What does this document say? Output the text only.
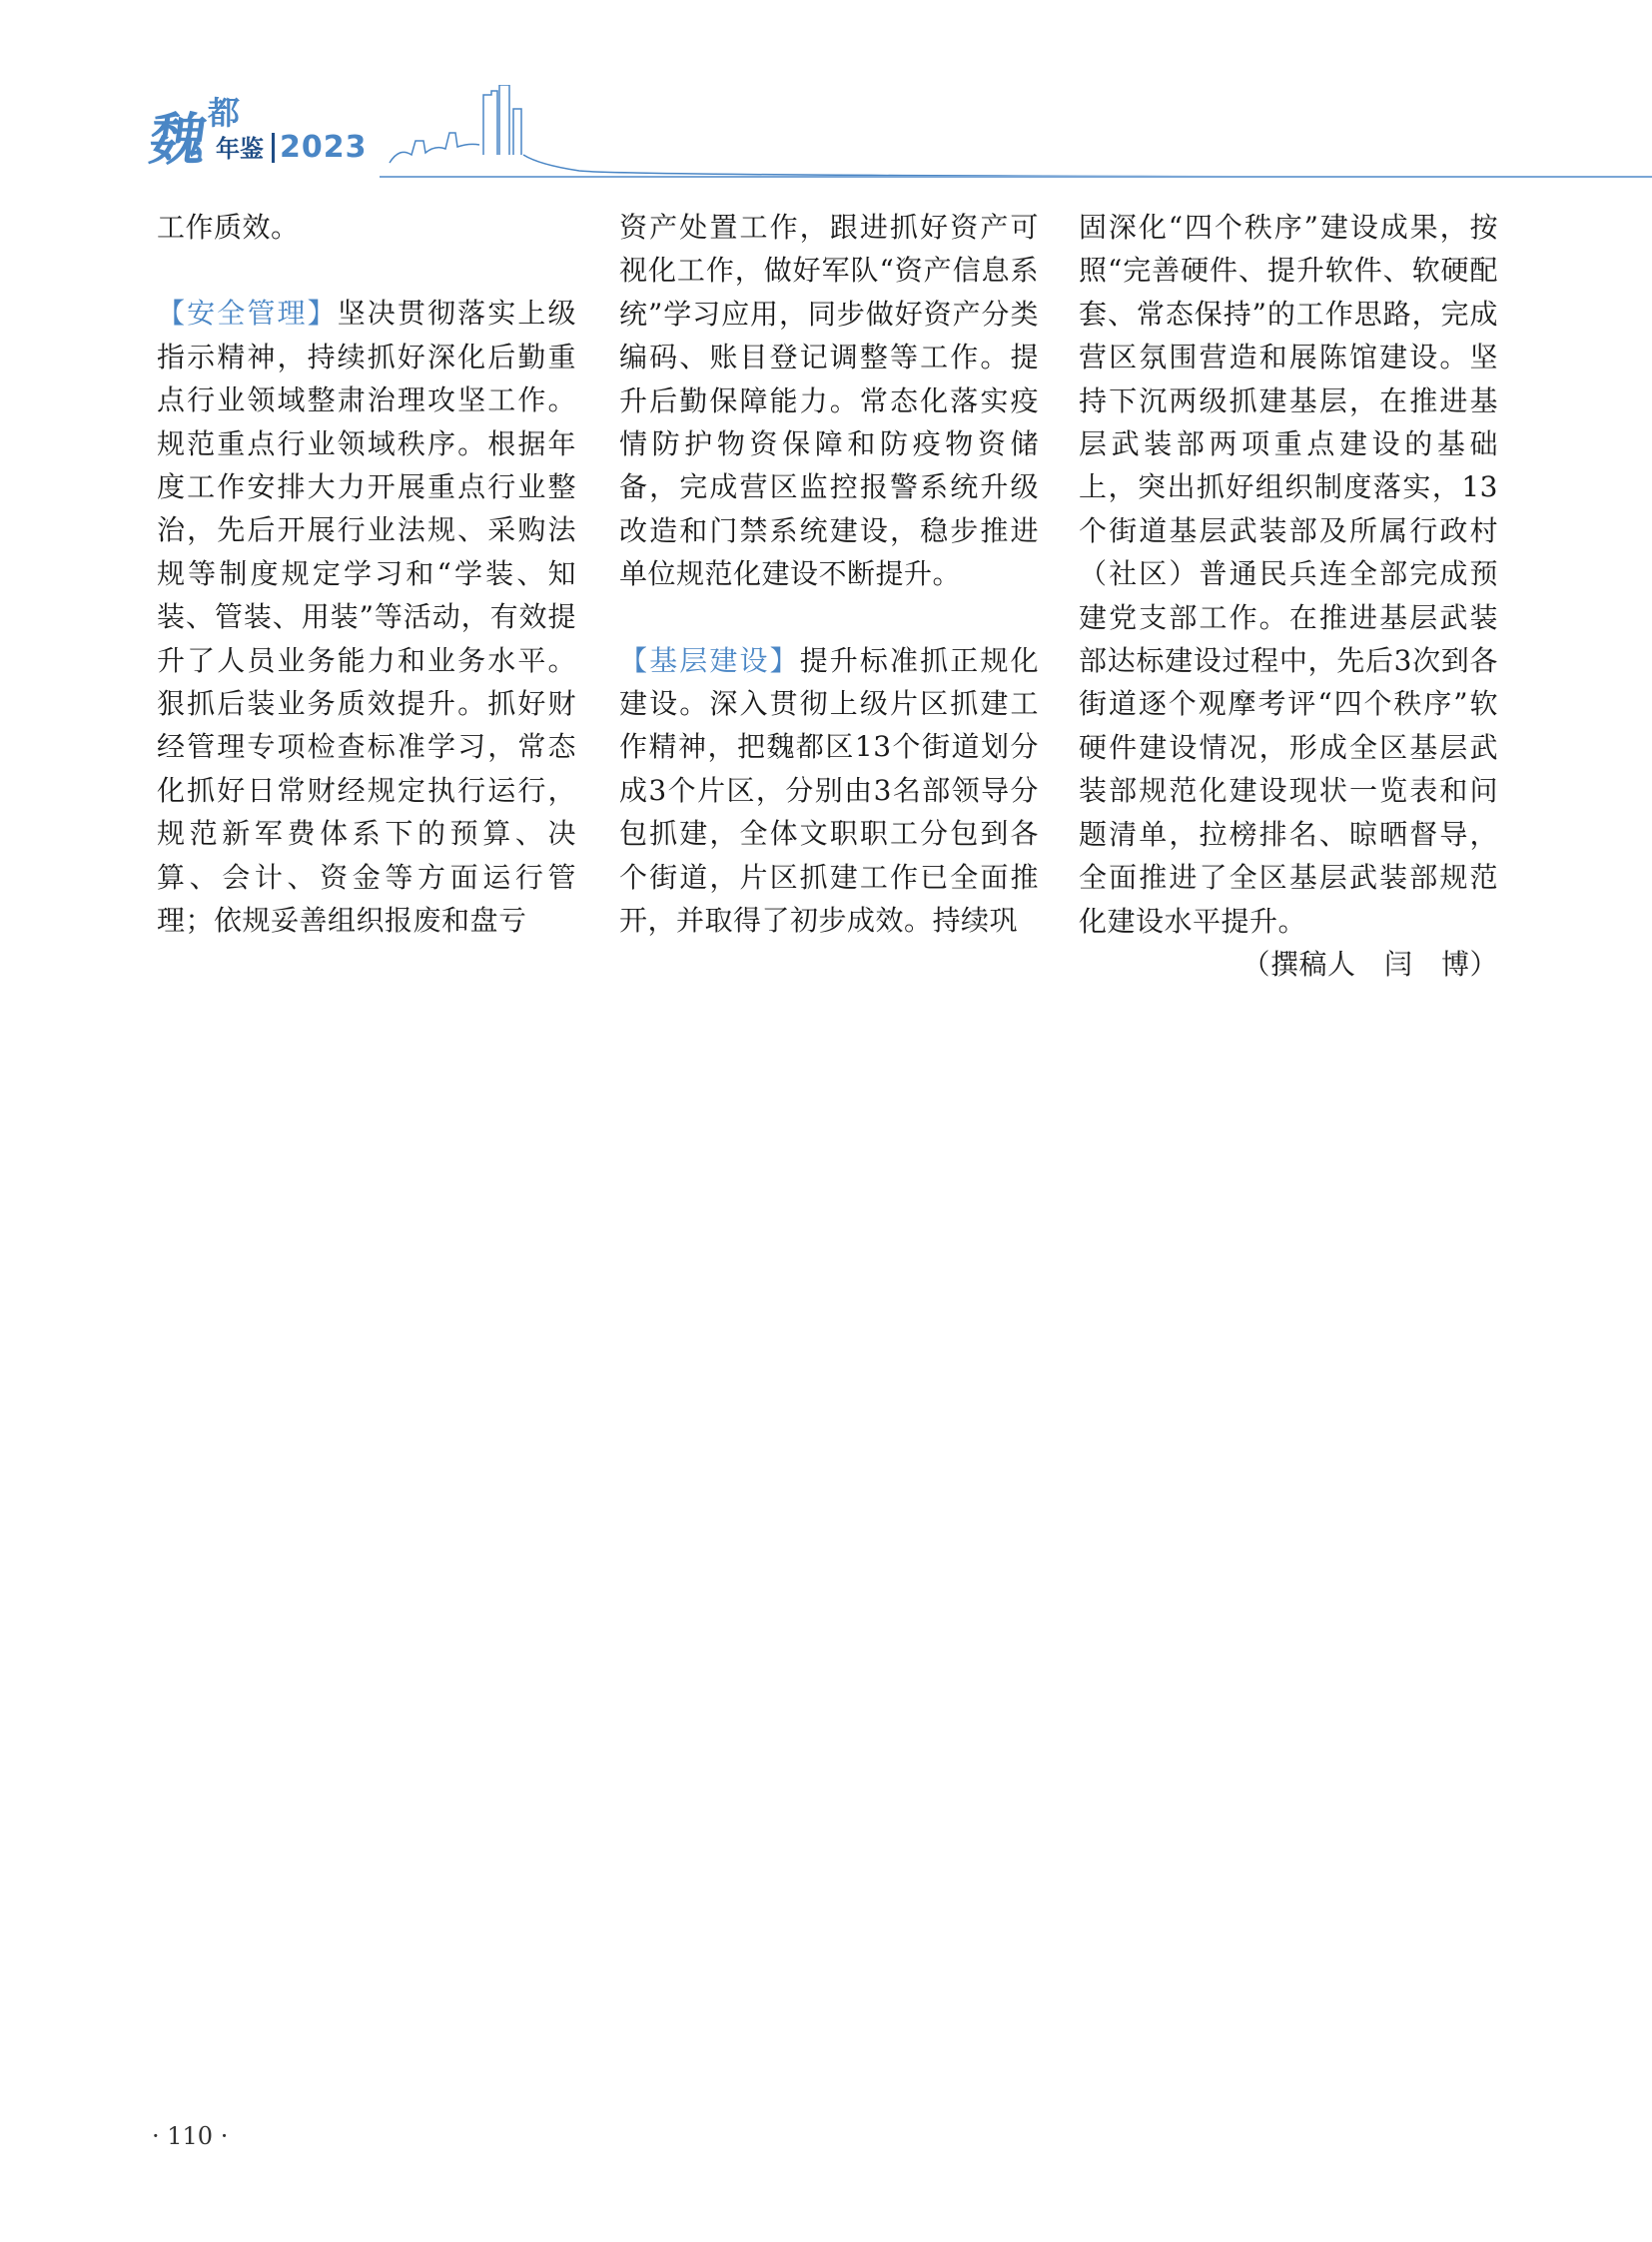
魏
都
年鉴 2023

工作质效。

【安全管理】坚决贯彻落实上级指示精神，持续抓好深化后勤重点行业领域整肃治理攻坚工作。规范重点行业领域秩序。根据年度工作安排大力开展重点行业整治，先后开展行业法规、采购法规等制度规定学习和“学装、知装、管装、用装”等活动，有效提升了人员业务能力和业务水平。狠抓后装业务质效提升。抓好财经管理专项检查标准学习，常态化抓好日常财经规定执行运行，规范新军费体系下的预算、决算、会计、资金等方面运行管理；依规妥善组织报废和盘亏

资产处置工作，跟进抓好资产可视化工作，做好军队“资产信息系统”学习应用，同步做好资产分类编码、账目登记调整等工作。提升后勤保障能力。常态化落实疫情防护物资保障和防疫物资储备，完成营区监控报警系统升级改造和门禁系统建设，稳步推进单位规范化建设不断提升。

【基层建设】提升标准抓正规化建设。深入贯彻上级片区抓建工作精神，把魏都区13个街道划分成3个片区，分别由3名部领导分包抓建，全体文职职工分包到各个街道，片区抓建工作已全面推开，并取得了初步成效。持续巩

固深化“四个秩序”建设成果，按照“完善硬件、提升软件、软硬配套、常态保持”的工作思路，完成营区氛围营造和展陈馆建设。坚持下沉两级抓建基层，在推进基层武装部两项重点建设的基础上，突出抓好组织制度落实，13个街道基层武装部及所属行政村（社区）普通民兵连全部完成预建党支部工作。在推进基层武装部达标建设过程中，先后3次到各街道逐个观摩考评“四个秩序”软硬件建设情况，形成全区基层武装部规范化建设现状一览表和问题清单，拉榜排名、晾晒督导，全面推进了全区基层武装部规范化建设水平提升。

（撰稿人　闫　博）

· 110 ·
